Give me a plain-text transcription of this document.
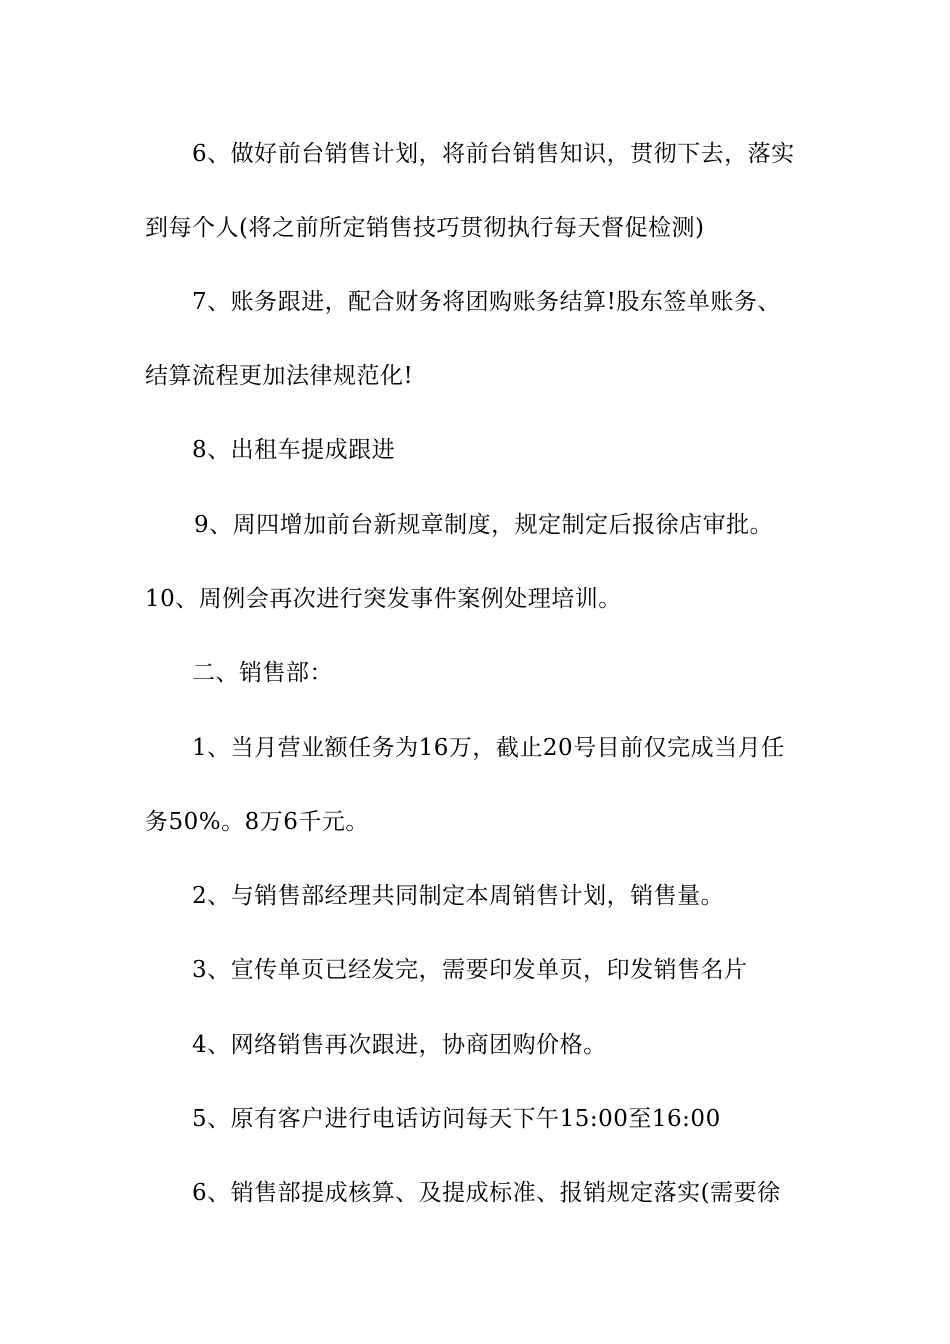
6、做好前台销售计划，将前台销售知识，贯彻下去，落实
到每个人(将之前所定销售技巧贯彻执行每天督促检测)
7、账务跟进，配合财务将团购账务结算!股东签单账务、
结算流程更加法律规范化!
8、出租车提成跟进
9、周四增加前台新规章制度，规定制定后报徐店审批。
10、周例会再次进行突发事件案例处理培训。
二、销售部：
1、当月营业额任务为16万，截止20号目前仅完成当月任
务50%。8万6千元。
2、与销售部经理共同制定本周销售计划，销售量。
3、宣传单页已经发完，需要印发单页，印发销售名片
4、网络销售再次跟进，协商团购价格。
5、原有客户进行电话访问每天下午15:00至16:00
6、销售部提成核算、及提成标准、报销规定落实(需要徐
